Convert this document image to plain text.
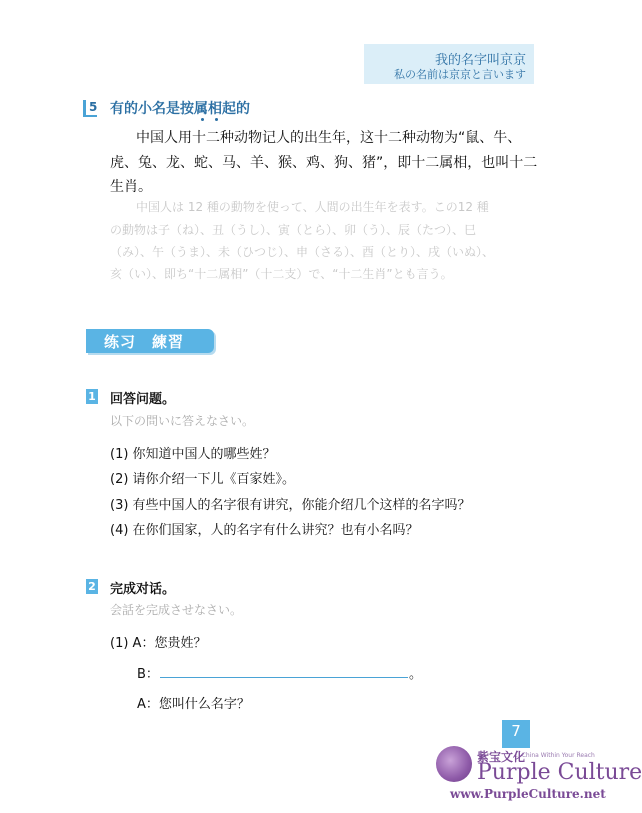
我的名字叫京京
私の名前は京京と言います
5 有的小名是按属相起的
中国人用十二种动物记人的出生年，这十二种动物为“鼠、牛、
虎、兔、龙、蛇、马、羊、猴、鸡、狗、猪”，即十二属相，也叫十二
生肖。
中国人は 12 種の動物を使って、人間の出生年を表す。この12 種
の動物は子（ね）、丑（うし）、寅（とら）、卯（う）、辰（たつ）、巳
（み）、午（うま）、未（ひつじ）、申（さる）、酉（とり）、戌（いぬ）、
亥（い）、即ち“十二属相”（十二支）で、“十二生肖”とも言う。
练习　練習
1 回答问题。
以下の問いに答えなさい。
(1) 你知道中国人的哪些姓？
(2) 请你介绍一下儿《百家姓》。
(3) 有些中国人的名字很有讲究，你能介绍几个这样的名字吗？
(4) 在你们国家，人的名字有什么讲究？也有小名吗？
2 完成对话。
会話を完成させなさい。
(1) A：您贵姓？
B：	。
A：您叫什么名字？
7
紫宝文化
...China Within Your Reach
Purple Culture
www.PurpleCulture.net
